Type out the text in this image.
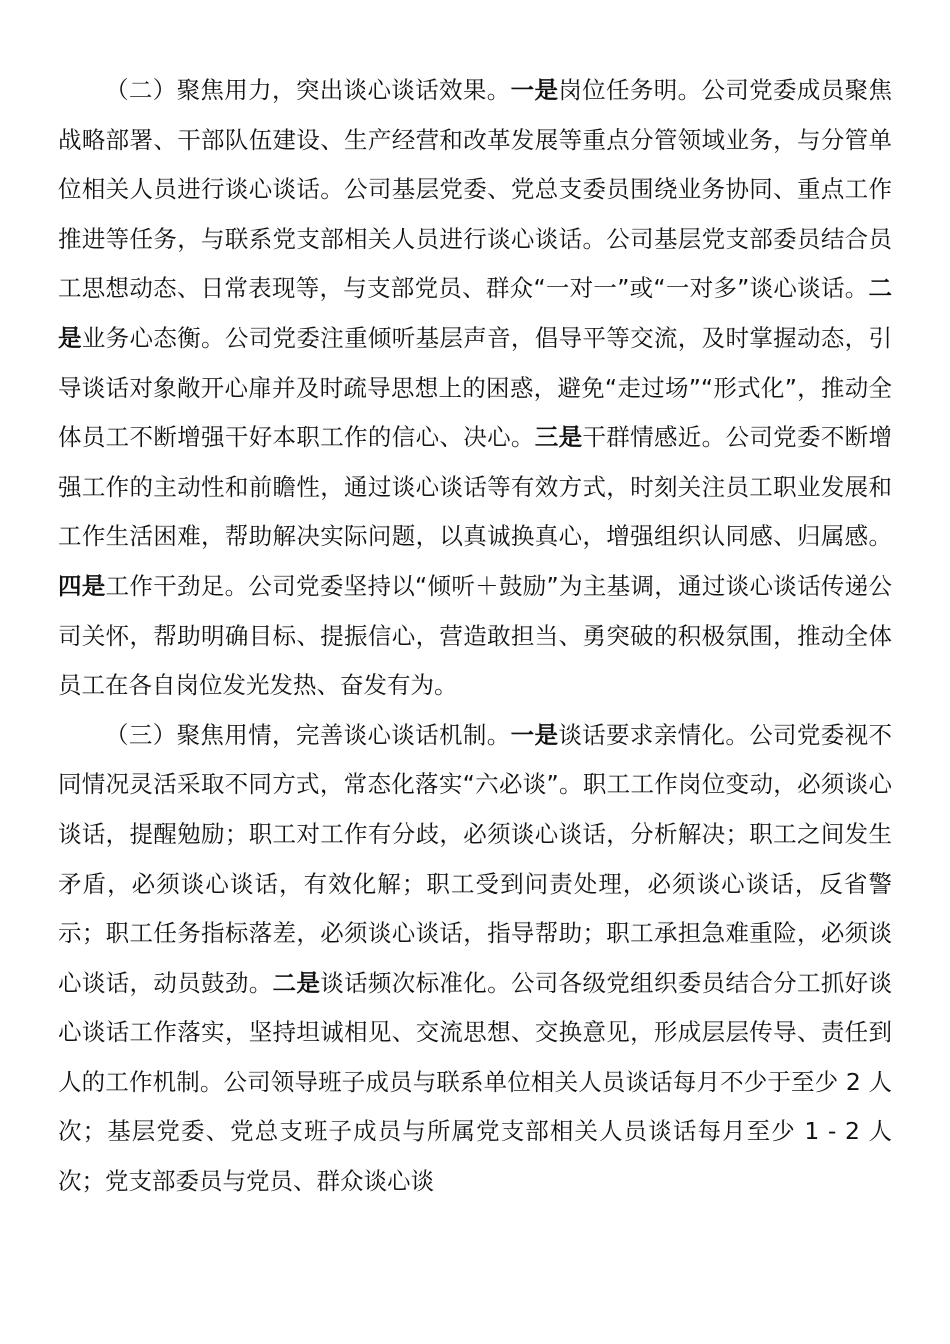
（二）聚焦用力，突出谈心谈话效果。一是岗位任务明。公司党委成员聚焦战略部署、干部队伍建设、生产经营和改革发展等重点分管领域业务，与分管单位相关人员进行谈心谈话。公司基层党委、党总支委员围绕业务协同、重点工作推进等任务，与联系党支部相关人员进行谈心谈话。公司基层党支部委员结合员工思想动态、日常表现等，与支部党员、群众“一对一”或“一对多”谈心谈话。二是业务心态衡。公司党委注重倾听基层声音，倡导平等交流，及时掌握动态，引导谈话对象敞开心扉并及时疏导思想上的困惑，避免“走过场”“形式化”，推动全体员工不断增强干好本职工作的信心、决心。三是干群情感近。公司党委不断增强工作的主动性和前瞻性，通过谈心谈话等有效方式，时刻关注员工职业发展和工作生活困难，帮助解决实际问题，以真诚换真心，增强组织认同感、归属感。四是工作干劲足。公司党委坚持以“倾听＋鼓励”为主基调，通过谈心谈话传递公司关怀，帮助明确目标、提振信心，营造敢担当、勇突破的积极氛围，推动全体员工在各自岗位发光发热、奋发有为。

（三）聚焦用情，完善谈心谈话机制。一是谈话要求亲情化。公司党委视不同情况灵活采取不同方式，常态化落实“六必谈”。职工工作岗位变动，必须谈心谈话，提醒勉励；职工对工作有分歧，必须谈心谈话，分析解决；职工之间发生矛盾，必须谈心谈话，有效化解；职工受到问责处理，必须谈心谈话，反省警示；职工任务指标落差，必须谈心谈话，指导帮助；职工承担急难重险，必须谈心谈话，动员鼓劲。二是谈话频次标准化。公司各级党组织委员结合分工抓好谈心谈话工作落实，坚持坦诚相见、交流思想、交换意见，形成层层传导、责任到人的工作机制。公司领导班子成员与联系单位相关人员谈话每月不少于至少 2 人次；基层党委、党总支班子成员与所属党支部相关人员谈话每月至少 1 - 2 人次；党支部委员与党员、群众谈心谈
